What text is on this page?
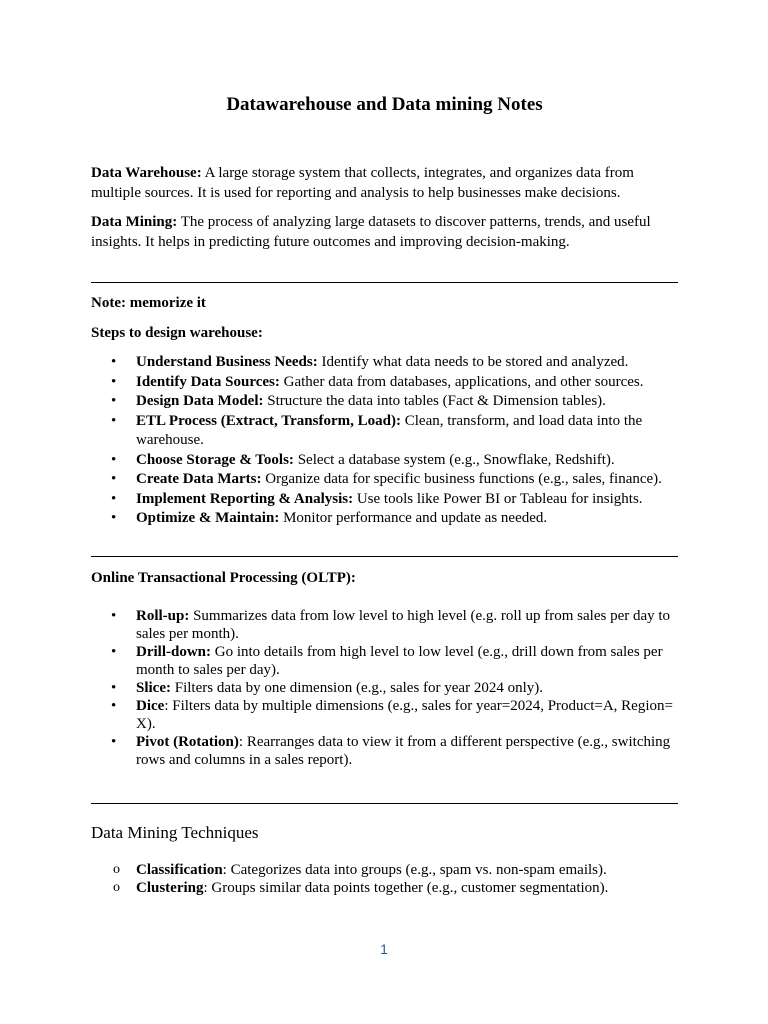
Datawarehouse and Data mining Notes

Data Warehouse: A large storage system that collects, integrates, and organizes data from multiple sources. It is used for reporting and analysis to help businesses make decisions.

Data Mining: The process of analyzing large datasets to discover patterns, trends, and useful insights. It helps in predicting future outcomes and improving decision-making.

Note: memorize it
Steps to design warehouse:
• Understand Business Needs: Identify what data needs to be stored and analyzed.
• Identify Data Sources: Gather data from databases, applications, and other sources.
• Design Data Model: Structure the data into tables (Fact & Dimension tables).
• ETL Process (Extract, Transform, Load): Clean, transform, and load data into the warehouse.
• Choose Storage & Tools: Select a database system (e.g., Snowflake, Redshift).
• Create Data Marts: Organize data for specific business functions (e.g., sales, finance).
• Implement Reporting & Analysis: Use tools like Power BI or Tableau for insights.
• Optimize & Maintain: Monitor performance and update as needed.
Online Transactional Processing (OLTP):
• Roll-up: Summarizes data from low level to high level (e.g. roll up from sales per day to sales per month).
• Drill-down: Go into details from high level to low level (e.g., drill down from sales per month to sales per day).
• Slice: Filters data by one dimension (e.g., sales for year 2024 only).
• Dice: Filters data by multiple dimensions (e.g., sales for year=2024, Product=A, Region= X).
• Pivot (Rotation): Rearranges data to view it from a different perspective (e.g., switching rows and columns in a sales report).
Data Mining Techniques
o Classification: Categorizes data into groups (e.g., spam vs. non-spam emails).
o Clustering: Groups similar data points together (e.g., customer segmentation).
1
